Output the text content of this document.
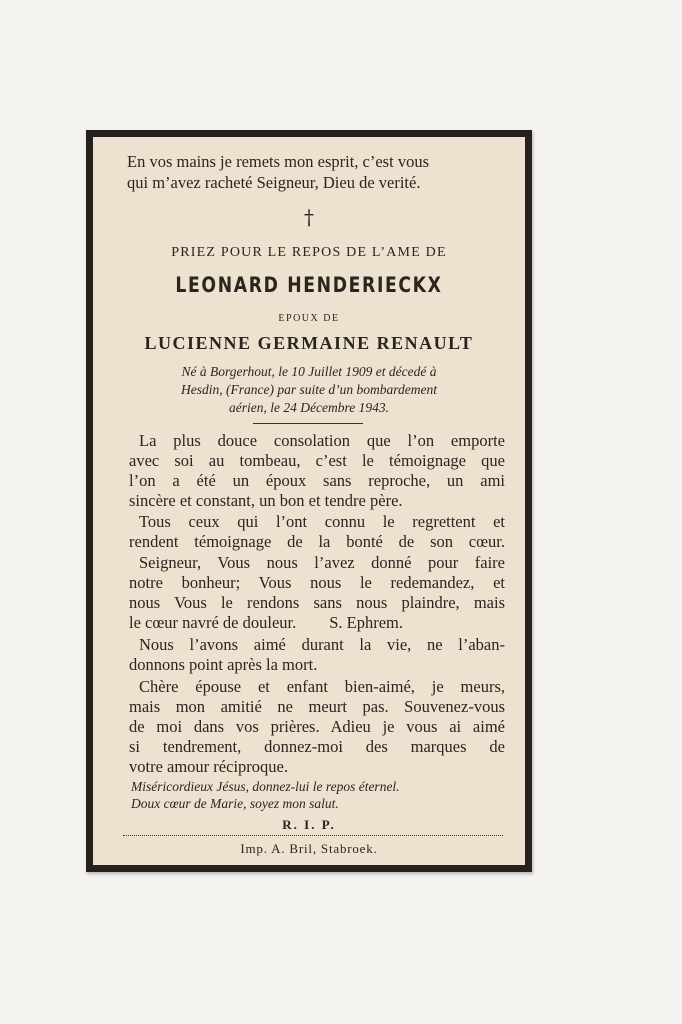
En vos mains je remets mon esprit, c’est vous
qui m’avez racheté Seigneur, Dieu de verité.
†
PRIEZ POUR LE REPOS DE L’AME DE
LEONARD HENDERIECKX
EPOUX DE
LUCIENNE GERMAINE RENAULT
Né à Borgerhout, le 10 Juillet 1909 et décedé à
Hesdin, (France) par suite d’un bombardement
aérien, le 24 Décembre 1943.
La plus douce consolation que l’on emporte
avec soi au tombeau, c’est le témoignage que
l’on a été un époux sans reproche, un ami
sincère et constant, un bon et tendre père.
Tous ceux qui l’ont connu le regrettent et
rendent témoignage de la bonté de son cœur.
Seigneur, Vous nous l’avez donné pour faire
notre bonheur; Vous nous le redemandez, et
nous Vous le rendons sans nous plaindre, mais
le cœur navré de douleur.        S. Ephrem.
Nous l’avons aimé durant la vie, ne l’aban-
donnons point après la mort.
Chère épouse et enfant bien-aimé, je meurs,
mais mon amitié ne meurt pas. Souvenez-vous
de moi dans vos prières. Adieu je vous ai aimé
si tendrement, donnez-moi des marques de
votre amour réciproque.
Miséricordieux Jésus, donnez-lui le repos éternel.
Doux cœur de Marie, soyez mon salut.
R. I. P.
Imp. A. Bril, Stabroek.
